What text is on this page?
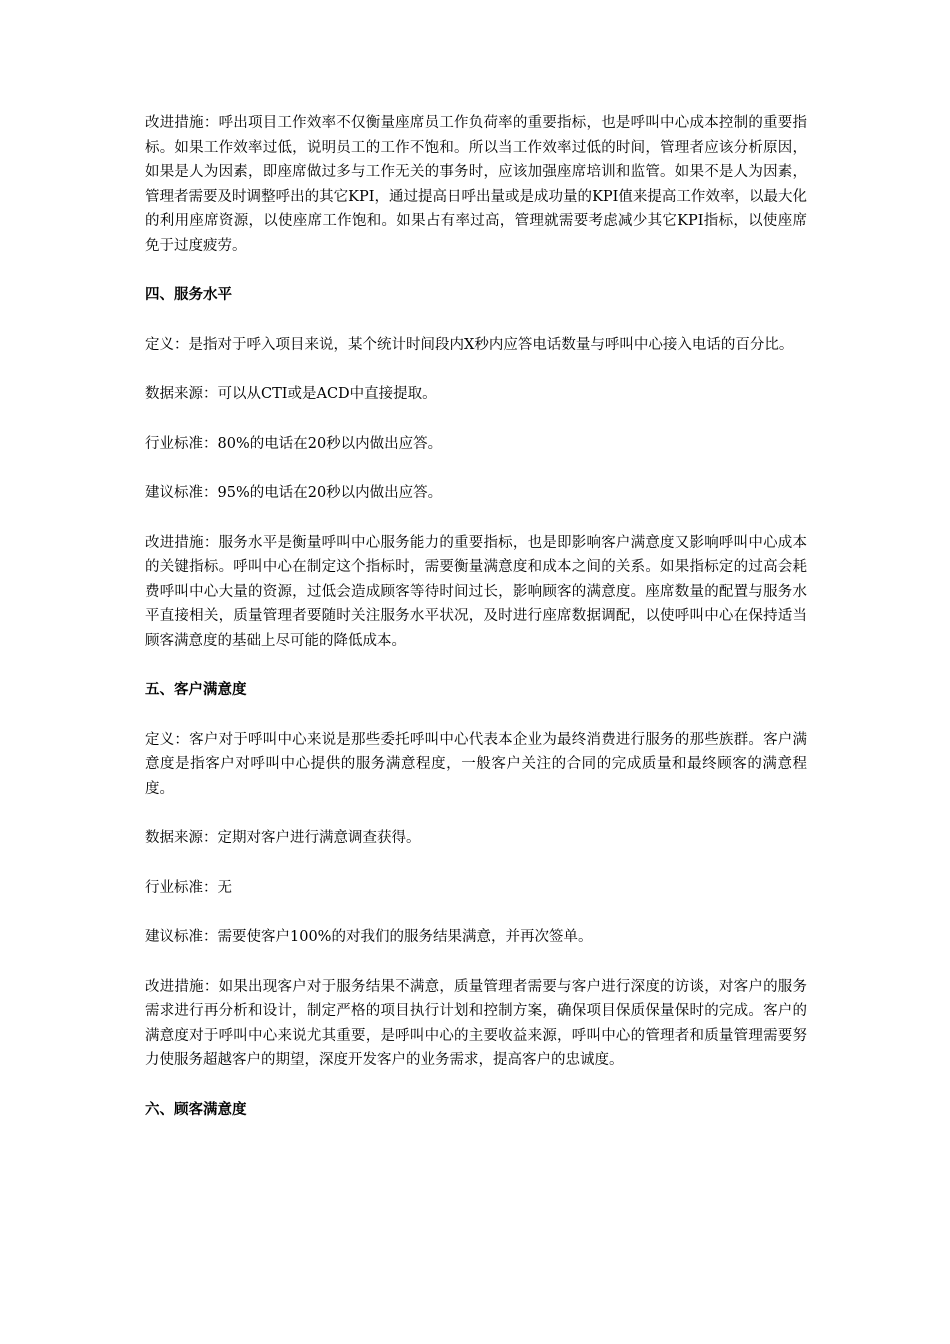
改进措施：呼出项目工作效率不仅衡量座席员工作负荷率的重要指标，也是呼叫中心成本控制的重要指标。如果工作效率过低，说明员工的工作不饱和。所以当工作效率过低的时间，管理者应该分析原因，如果是人为因素，即座席做过多与工作无关的事务时，应该加强座席培训和监管。如果不是人为因素，管理者需要及时调整呼出的其它KPI，通过提高日呼出量或是成功量的KPI值来提高工作效率，以最大化的利用座席资源，以使座席工作饱和。如果占有率过高，管理就需要考虑减少其它KPI指标，以使座席免于过度疲劳。

四、服务水平

定义：是指对于呼入项目来说，某个统计时间段内X秒内应答电话数量与呼叫中心接入电话的百分比。

数据来源：可以从CTI或是ACD中直接提取。

行业标准：80%的电话在20秒以内做出应答。

建议标准：95%的电话在20秒以内做出应答。

改进措施：服务水平是衡量呼叫中心服务能力的重要指标，也是即影响客户满意度又影响呼叫中心成本的关键指标。呼叫中心在制定这个指标时，需要衡量满意度和成本之间的关系。如果指标定的过高会耗费呼叫中心大量的资源，过低会造成顾客等待时间过长，影响顾客的满意度。座席数量的配置与服务水平直接相关，质量管理者要随时关注服务水平状况，及时进行座席数据调配，以使呼叫中心在保持适当顾客满意度的基础上尽可能的降低成本。

五、客户满意度

定义：客户对于呼叫中心来说是那些委托呼叫中心代表本企业为最终消费进行服务的那些族群。客户满意度是指客户对呼叫中心提供的服务满意程度，一般客户关注的合同的完成质量和最终顾客的满意程度。

数据来源：定期对客户进行满意调查获得。

行业标准：无

建议标准：需要使客户100%的对我们的服务结果满意，并再次签单。

改进措施：如果出现客户对于服务结果不满意，质量管理者需要与客户进行深度的访谈，对客户的服务需求进行再分析和设计，制定严格的项目执行计划和控制方案，确保项目保质保量保时的完成。客户的满意度对于呼叫中心来说尤其重要，是呼叫中心的主要收益来源，呼叫中心的管理者和质量管理需要努力使服务超越客户的期望，深度开发客户的业务需求，提高客户的忠诚度。

六、顾客满意度
